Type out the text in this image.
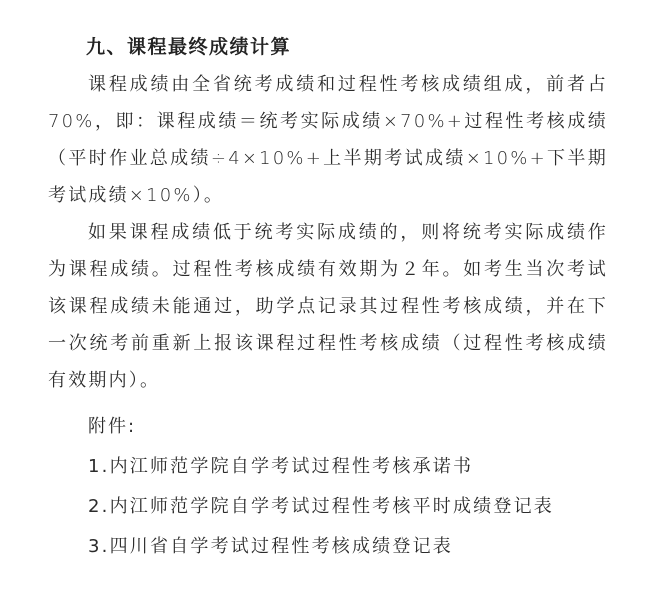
九、课程最终成绩计算

课程成绩由全省统考成绩和过程性考核成绩组成，前者占70%，即：课程成绩＝统考实际成绩×70%+过程性考核成绩（平时作业总成绩÷4×10%+上半期考试成绩×10%+下半期考试成绩×10%）。

如果课程成绩低于统考实际成绩的，则将统考实际成绩作为课程成绩。过程性考核成绩有效期为２年。如考生当次考试该课程成绩未能通过，助学点记录其过程性考核成绩，并在下一次统考前重新上报该课程过程性考核成绩（过程性考核成绩有效期内）。

附件:

1.内江师范学院自学考试过程性考核承诺书
2.内江师范学院自学考试过程性考核平时成绩登记表
3.四川省自学考试过程性考核成绩登记表
